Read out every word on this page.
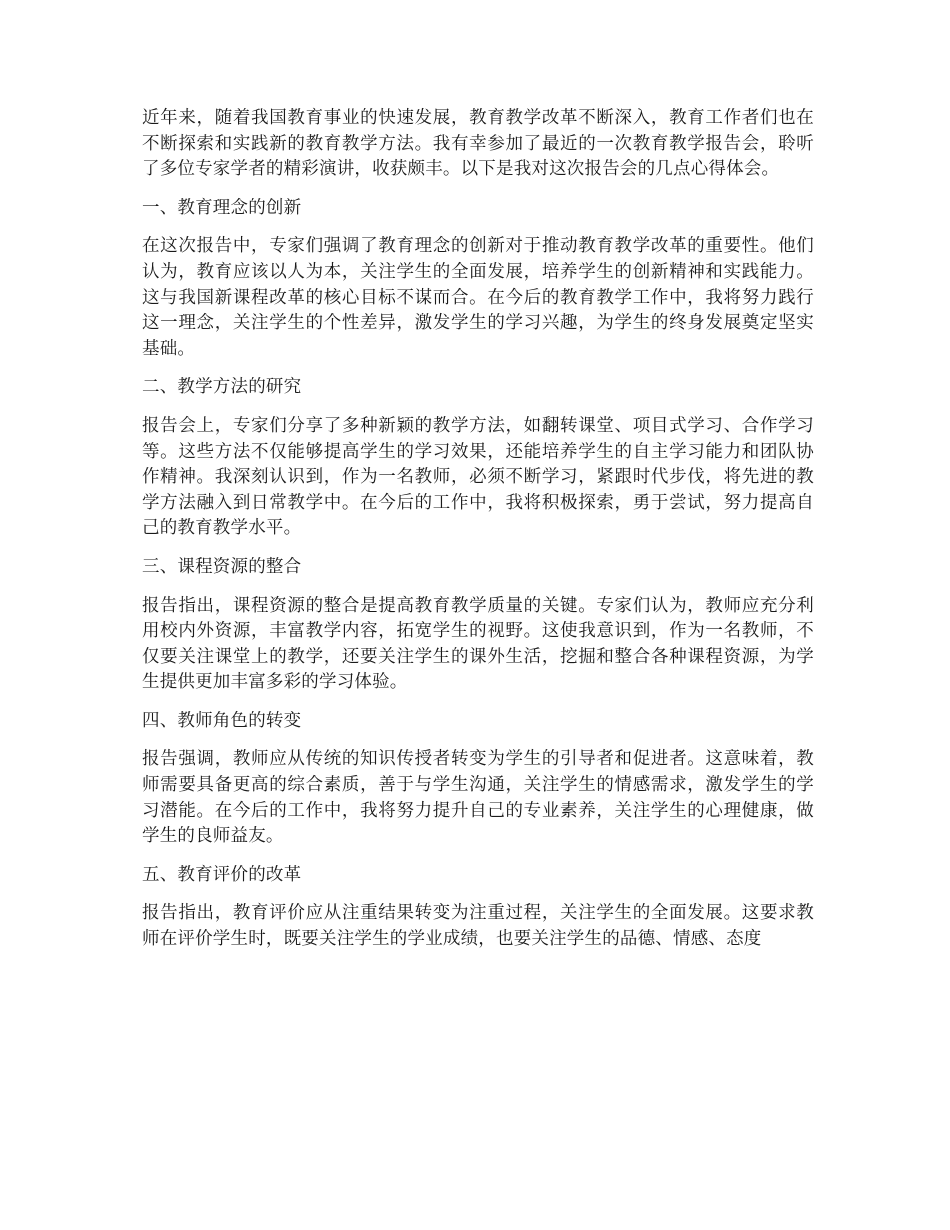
近年来，随着我国教育事业的快速发展，教育教学改革不断深入，教育工作者们也在不断探索和实践新的教育教学方法。我有幸参加了最近的一次教育教学报告会，聆听了多位专家学者的精彩演讲，收获颇丰。以下是我对这次报告会的几点心得体会。

一、教育理念的创新

在这次报告中，专家们强调了教育理念的创新对于推动教育教学改革的重要性。他们认为，教育应该以人为本，关注学生的全面发展，培养学生的创新精神和实践能力。这与我国新课程改革的核心目标不谋而合。在今后的教育教学工作中，我将努力践行这一理念，关注学生的个性差异，激发学生的学习兴趣，为学生的终身发展奠定坚实基础。

二、教学方法的研究

报告会上，专家们分享了多种新颖的教学方法，如翻转课堂、项目式学习、合作学习等。这些方法不仅能够提高学生的学习效果，还能培养学生的自主学习能力和团队协作精神。我深刻认识到，作为一名教师，必须不断学习，紧跟时代步伐，将先进的教学方法融入到日常教学中。在今后的工作中，我将积极探索，勇于尝试，努力提高自己的教育教学水平。

三、课程资源的整合

报告指出，课程资源的整合是提高教育教学质量的关键。专家们认为，教师应充分利用校内外资源，丰富教学内容，拓宽学生的视野。这使我意识到，作为一名教师，不仅要关注课堂上的教学，还要关注学生的课外生活，挖掘和整合各种课程资源，为学生提供更加丰富多彩的学习体验。

四、教师角色的转变

报告强调，教师应从传统的知识传授者转变为学生的引导者和促进者。这意味着，教师需要具备更高的综合素质，善于与学生沟通，关注学生的情感需求，激发学生的学习潜能。在今后的工作中，我将努力提升自己的专业素养，关注学生的心理健康，做学生的良师益友。

五、教育评价的改革

报告指出，教育评价应从注重结果转变为注重过程，关注学生的全面发展。这要求教师在评价学生时，既要关注学生的学业成绩，也要关注学生的品德、情感、态度
